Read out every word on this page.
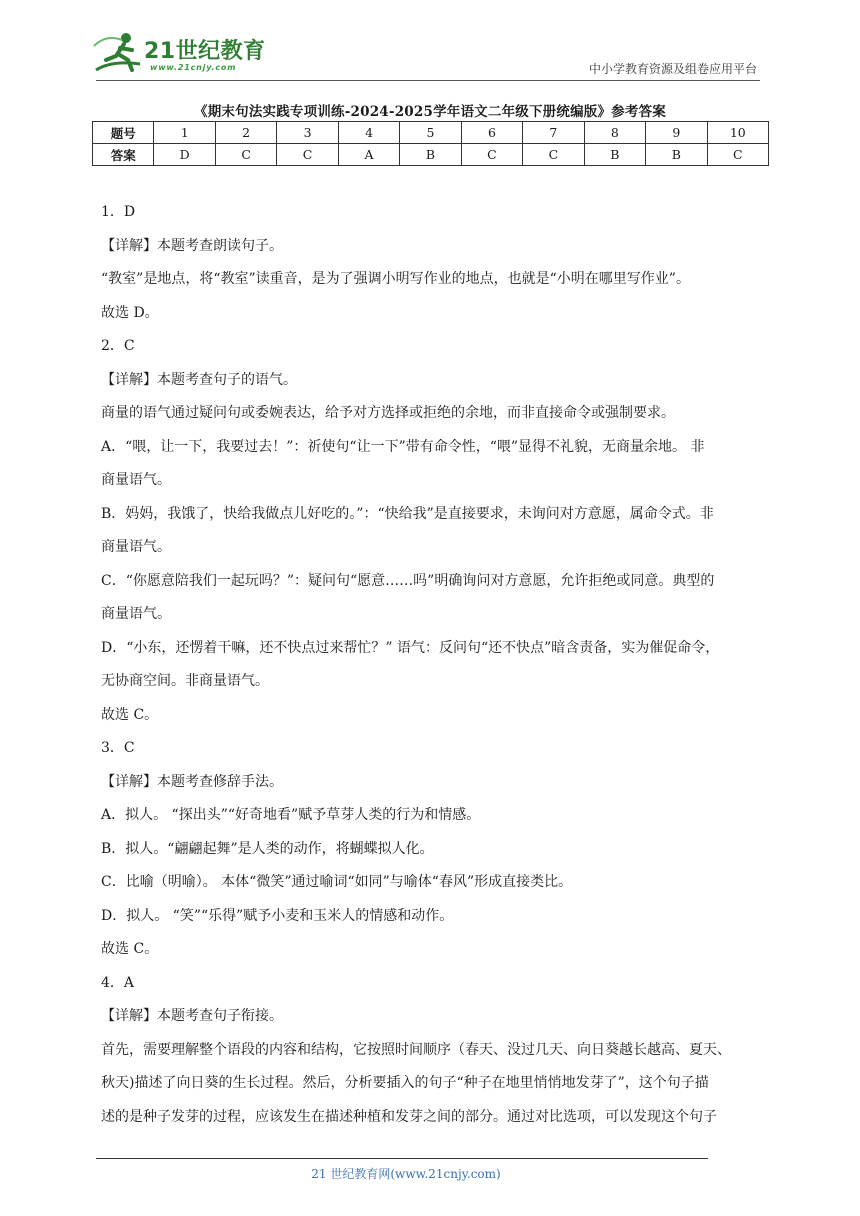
21世纪教育
www.21cnjy.com	中小学教育资源及组卷应用平台
《期末句法实践专项训练-2024-2025学年语文二年级下册统编版》参考答案
题号	1	2	3	4	5	6	7	8	9	10
答案	D	C	C	A	B	C	C	B	B	C
1．D
【详解】本题考查朗读句子。
“教室”是地点，将“教室”读重音，是为了强调小明写作业的地点，也就是“小明在哪里写作业”。
故选 D。
2．C
【详解】本题考查句子的语气。
商量的语气通过疑问句或委婉表达，给予对方选择或拒绝的余地，而非直接命令或强制要求。
A．“喂，让一下，我要过去！”：祈使句“让一下”带有命令性，“喂”显得不礼貌，无商量余地。 非
商量语气。
B．妈妈，我饿了，快给我做点儿好吃的。”：“快给我”是直接要求，未询问对方意愿，属命令式。非
商量语气。
C．“你愿意陪我们一起玩吗？”：疑问句“愿意……吗”明确询问对方意愿，允许拒绝或同意。典型的
商量语气。
D．“小东，还愣着干嘛，还不快点过来帮忙？” 语气：反问句“还不快点”暗含责备，实为催促命令，
无协商空间。非商量语气。
故选 C。
3．C
【详解】本题考查修辞手法。
A．拟人。 “探出头”“好奇地看”赋予草芽人类的行为和情感。
B．拟人。“翩翩起舞”是人类的动作，将蝴蝶拟人化。
C．比喻（明喻）。 本体“微笑”通过喻词“如同”与喻体“春风”形成直接类比。
D．拟人。 “笑”“乐得”赋予小麦和玉米人的情感和动作。
故选 C。
4．A
【详解】本题考查句子衔接。
首先，需要理解整个语段的内容和结构，它按照时间顺序（春天、没过几天、向日葵越长越高、夏天、
秋天)描述了向日葵的生长过程。然后，分析要插入的句子“种子在地里悄悄地发芽了”，这个句子描
述的是种子发芽的过程，应该发生在描述种植和发芽之间的部分。通过对比选项，可以发现这个句子
21 世纪教育网(www.21cnjy.com)
